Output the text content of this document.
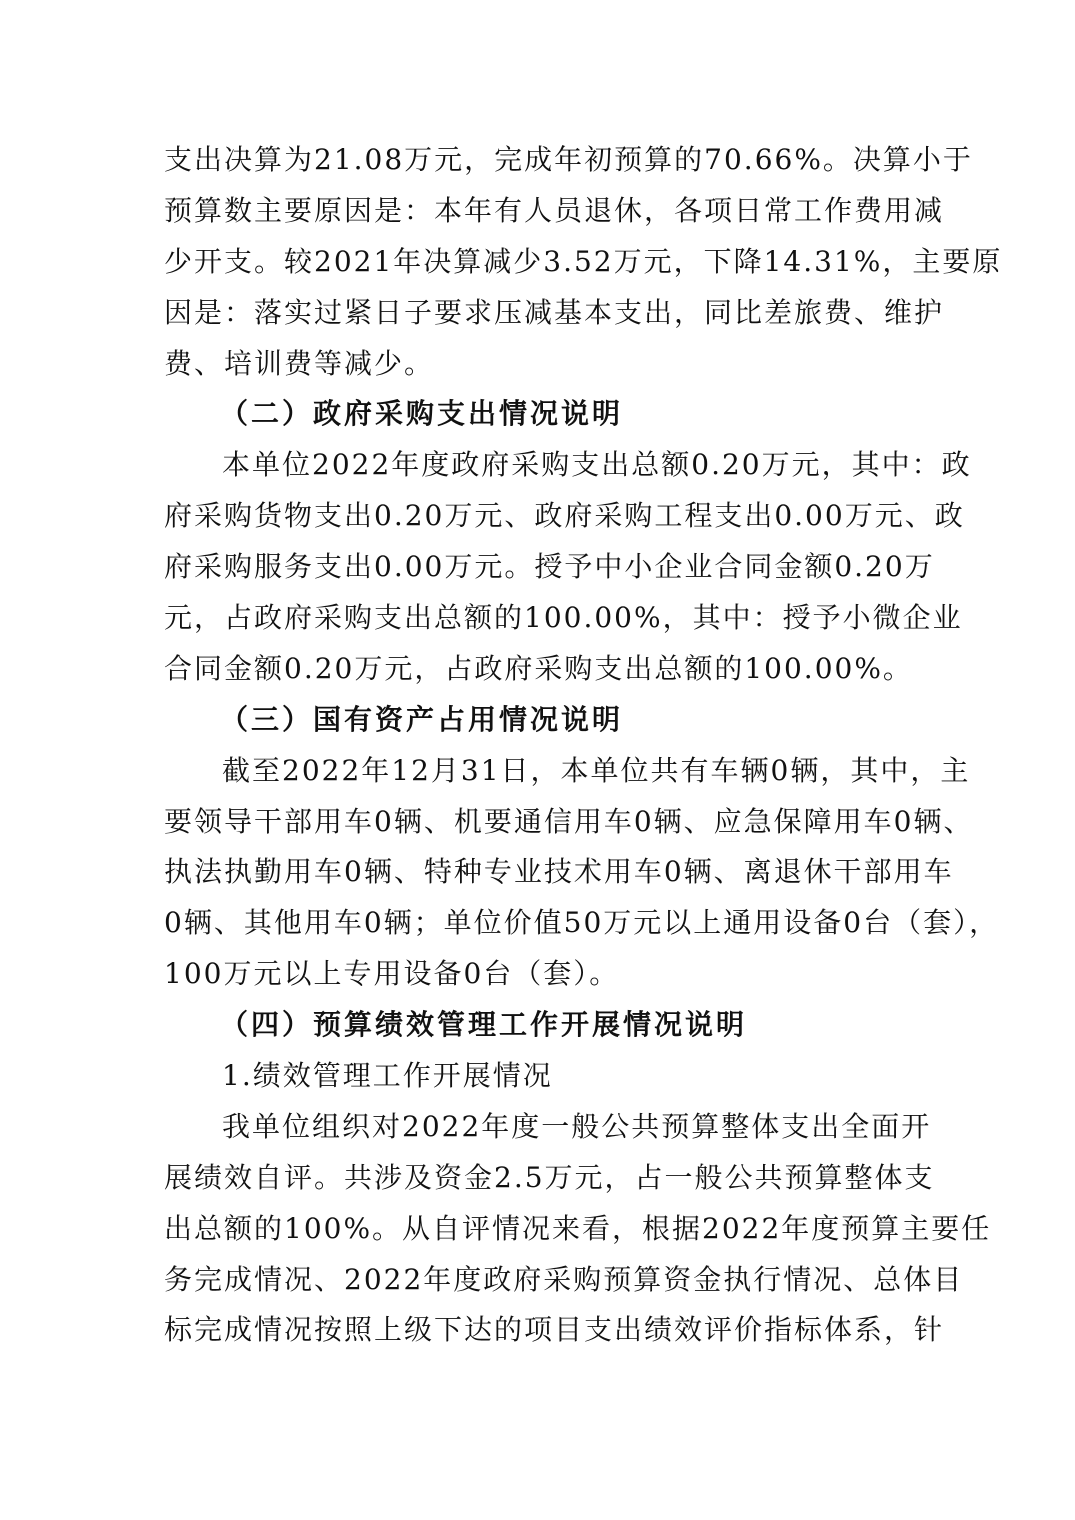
支出决算为21.08万元，完成年初预算的70.66%。决算小于
预算数主要原因是：本年有人员退休，各项日常工作费用减
少开支。较2021年决算减少3.52万元，下降14.31%，主要原
因是：落实过紧日子要求压减基本支出，同比差旅费、维护
费、培训费等减少。
（二）政府采购支出情况说明
本单位2022年度政府采购支出总额0.20万元，其中：政
府采购货物支出0.20万元、政府采购工程支出0.00万元、政
府采购服务支出0.00万元。授予中小企业合同金额0.20万
元，占政府采购支出总额的100.00%，其中：授予小微企业
合同金额0.20万元，占政府采购支出总额的100.00%。
（三）国有资产占用情况说明
截至2022年12月31日，本单位共有车辆0辆，其中，主
要领导干部用车0辆、机要通信用车0辆、应急保障用车0辆、
执法执勤用车0辆、特种专业技术用车0辆、离退休干部用车
0辆、其他用车0辆；单位价值50万元以上通用设备0台（套），
100万元以上专用设备0台（套）。
（四）预算绩效管理工作开展情况说明
1.绩效管理工作开展情况
我单位组织对2022年度一般公共预算整体支出全面开
展绩效自评。共涉及资金2.5万元，占一般公共预算整体支
出总额的100%。从自评情况来看，根据2022年度预算主要任
务完成情况、2022年度政府采购预算资金执行情况、总体目
标完成情况按照上级下达的项目支出绩效评价指标体系，针
